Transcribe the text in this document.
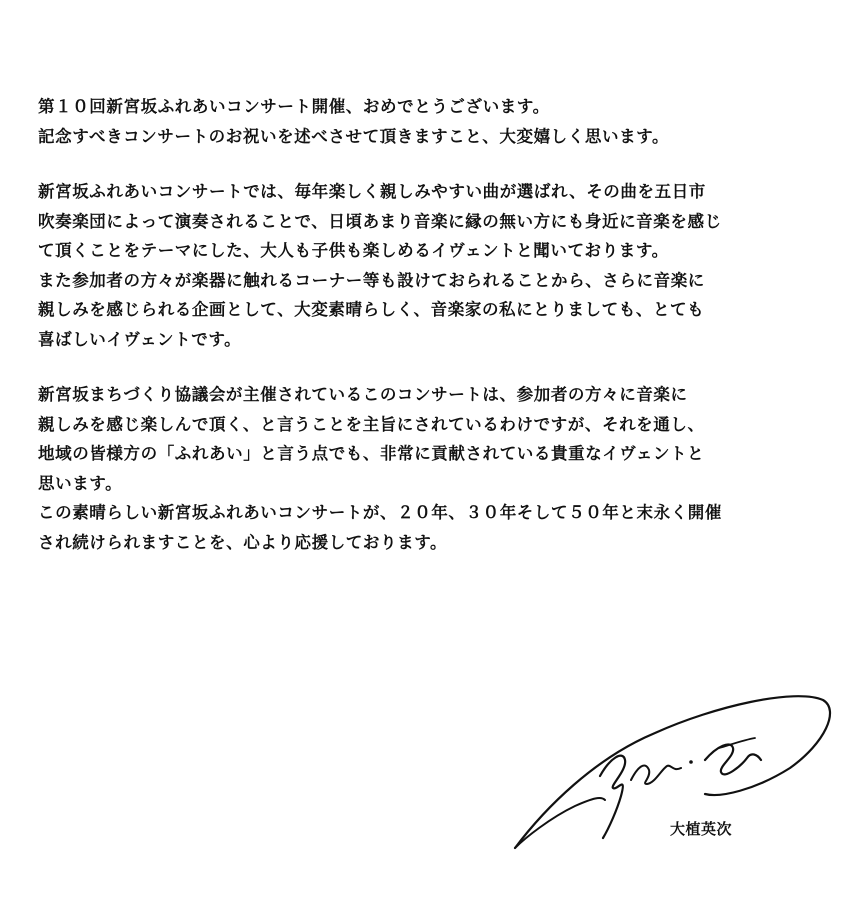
第１０回新宮坂ふれあいコンサート開催、おめでとうございます。
記念すべきコンサートのお祝いを述べさせて頂きますこと、大変嬉しく思います。
新宮坂ふれあいコンサートでは、毎年楽しく親しみやすい曲が選ばれ、その曲を五日市
吹奏楽団によって演奏されることで、日頃あまり音楽に縁の無い方にも身近に音楽を感じ
て頂くことをテーマにした、大人も子供も楽しめるイヴェントと聞いております。
また参加者の方々が楽器に触れるコーナー等も設けておられることから、さらに音楽に
親しみを感じられる企画として、大変素晴らしく、音楽家の私にとりましても、とても
喜ばしいイヴェントです。
新宮坂まちづくり協議会が主催されているこのコンサートは、参加者の方々に音楽に
親しみを感じ楽しんで頂く、と言うことを主旨にされているわけですが、それを通し、
地域の皆様方の「ふれあい」と言う点でも、非常に貢献されている貴重なイヴェントと
思います。
この素晴らしい新宮坂ふれあいコンサートが、２０年、３０年そして５０年と末永く開催
され続けられますことを、心より応援しております。
大植英次
